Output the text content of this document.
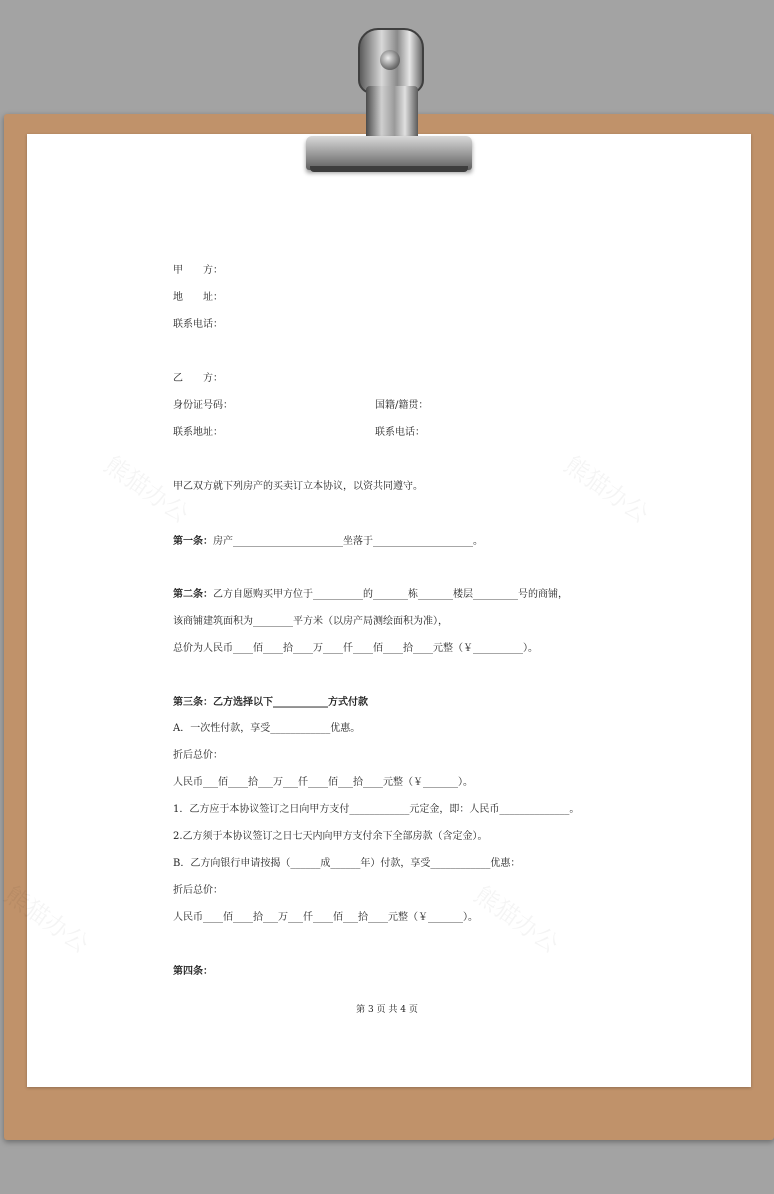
甲　　方：
地　　址：
联系电话：
乙　　方：
身份证号码：	国籍/籍贯：
联系地址：	联系电话：
甲乙双方就下列房产的买卖订立本协议，以资共同遵守。
第一条：房产______________________坐落于____________________。
第二条：乙方自愿购买甲方位于__________的_______栋_______楼层_________号的商铺，
该商铺建筑面积为________平方米（以房产局测绘面积为准），
总价为人民币____佰____拾____万____仟____佰____拾____元整（￥__________）。
第三条：乙方选择以下___________方式付款
A．一次性付款，享受____________优惠。
折后总价：
人民币___佰____拾___万___仟____佰___拾____元整（￥_______）。
1．乙方应于本协议签订之日向甲方支付____________元定金，即：人民币______________。
2.乙方须于本协议签订之日七天内向甲方支付余下全部房款（含定金）。
B．乙方向银行申请按揭（______成______年）付款，享受____________优惠：
折后总价：
人民币____佰____拾___万___仟____佰___拾____元整（￥_______）。
第四条：
第 3 页 共 4 页
